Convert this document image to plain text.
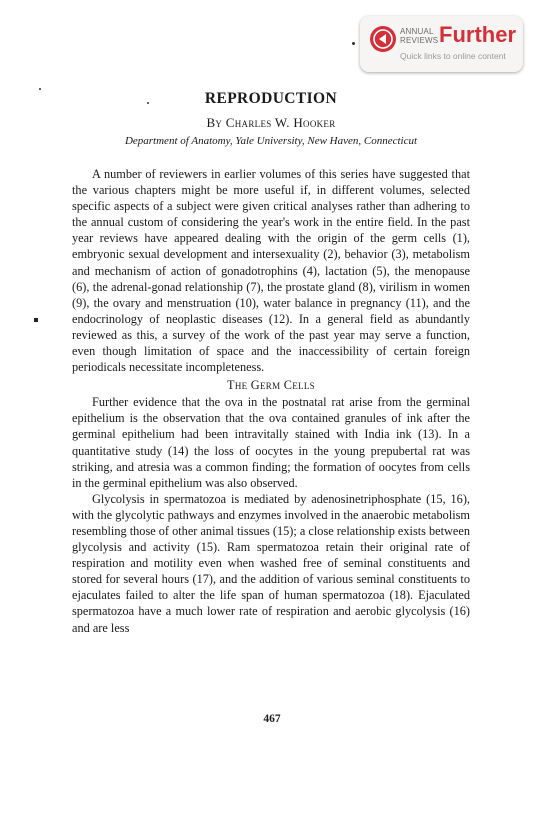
ANNUAL REVIEWS Further
Quick links to online content
REPRODUCTION

By Charles W. Hooker

Department of Anatomy, Yale University, New Haven, Connecticut

A number of reviewers in earlier volumes of this series have suggested that the various chapters might be more useful if, in different volumes, selected specific aspects of a subject were given critical analyses rather than adhering to the annual custom of considering the year's work in the entire field. In the past year reviews have appeared dealing with the origin of the germ cells (1), embryonic sexual development and intersexuality (2), behavior (3), metabolism and mechanism of action of gonadotrophins (4), lactation (5), the menopause (6), the adrenal-gonad relationship (7), the prostate gland (8), virilism in women (9), the ovary and menstruation (10), water balance in pregnancy (11), and the endocrinology of neoplastic diseases (12). In a general field as abundantly reviewed as this, a survey of the work of the past year may serve a function, even though limitation of space and the inaccessibility of certain foreign periodicals necessitate incompleteness.

The Germ Cells

Further evidence that the ova in the postnatal rat arise from the germinal epithelium is the observation that the ova contained granules of ink after the germinal epithelium had been intravitally stained with India ink (13). In a quantitative study (14) the loss of oocytes in the young prepubertal rat was striking, and atresia was a common finding; the formation of oocytes from cells in the germinal epithelium was also observed.

Glycolysis in spermatozoa is mediated by adenosinetriphosphate (15, 16), with the glycolytic pathways and enzymes involved in the anaerobic metabolism resembling those of other animal tissues (15); a close relationship exists between glycolysis and activity (15). Ram spermatozoa retain their original rate of respiration and motility even when washed free of seminal constituents and stored for several hours (17), and the addition of various seminal constituents to ejaculates failed to alter the life span of human spermatozoa (18). Ejaculated spermatozoa have a much lower rate of respiration and aerobic glycolysis (16) and are less

467
